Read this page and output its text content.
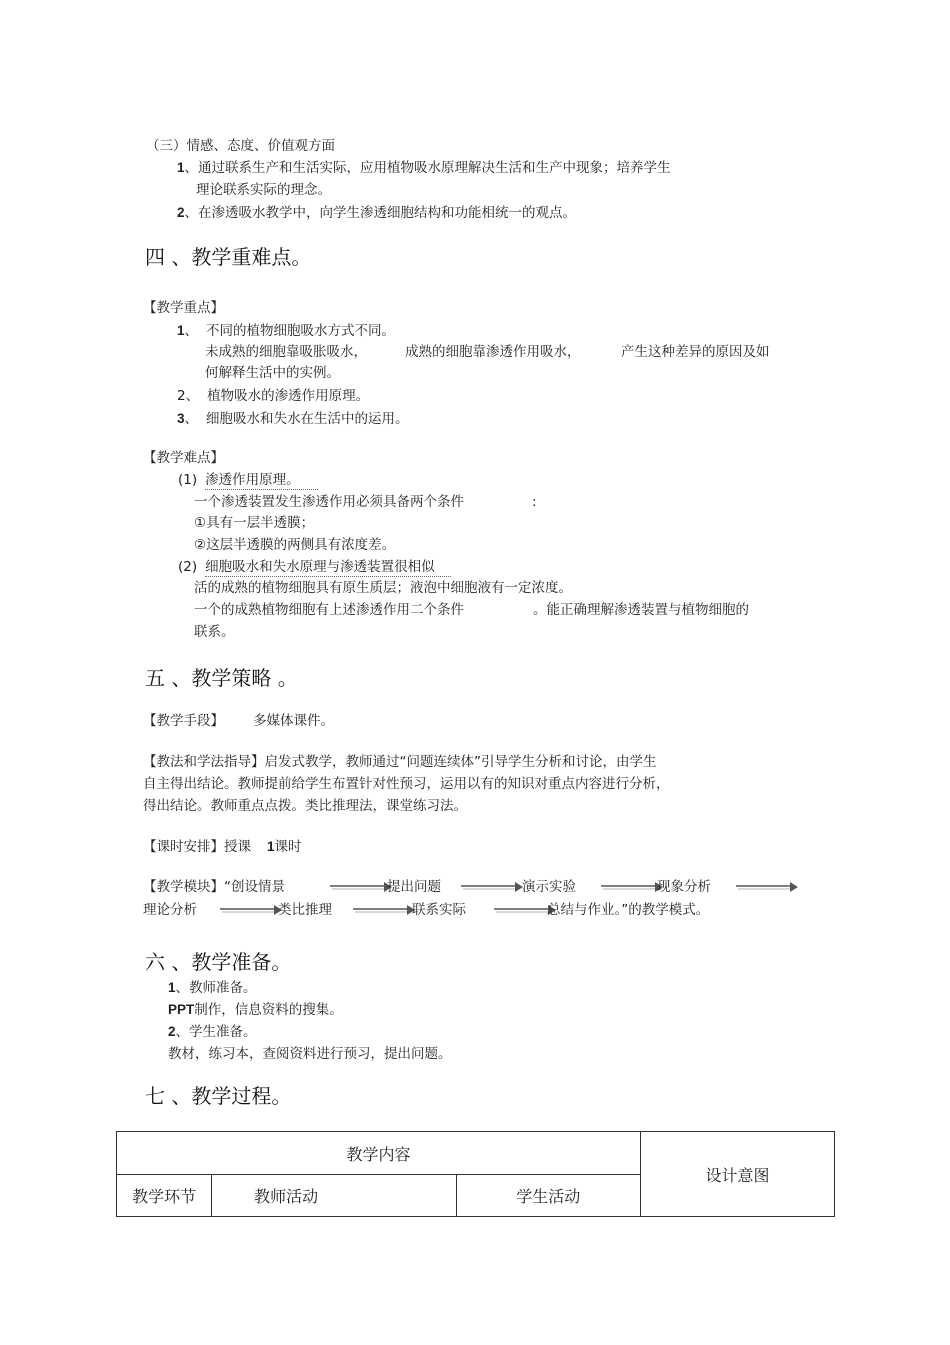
（三）情感、态度、价值观方面
1、通过联系生产和生活实际，应用植物吸水原理解决生活和生产中现象；培养学生
理论联系实际的理念。
2、在渗透吸水教学中，向学生渗透细胞结构和功能相统一的观点。
四 、教学重难点。
【教学重点】
1、 不同的植物细胞吸水方式不同。
未成熟的细胞靠吸胀吸水，	成熟的细胞靠渗透作用吸水，	产生这种差异的原因及如
何解释生活中的实例。
2、 植物吸水的渗透作用原理。
3、 细胞吸水和失水在生活中的运用。
【教学难点】
(1) 渗透作用原理。
一个渗透装置发生渗透作用必须具备两个条件	:
①具有一层半透膜；
②这层半透膜的两侧具有浓度差。
(2) 细胞吸水和失水原理与渗透装置很相似
活的成熟的植物细胞具有原生质层；液泡中细胞液有一定浓度。
一个的成熟植物细胞有上述渗透作用二个条件	。能正确理解渗透装置与植物细胞的
联系。
五 、教学策略 。
【教学手段】 多媒体课件。
【教法和学法指导】启发式教学，教师通过“问题连续体”引导学生分析和讨论，由学生
自主得出结论。教师提前给学生布置针对性预习，运用以有的知识对重点内容进行分析，
得出结论。教师重点点拨。类比推理法，课堂练习法。
【课时安排】授课 1课时
【教学模块】“创设情景	提出问题	演示实验	现象分析
理论分析	类比推理	联系实际	总结与作业。”的教学模式。
六 、教学准备。
1、教师准备。
PPT制作，信息资料的搜集。
2、学生准备。
教材，练习本，查阅资料进行预习，提出问题。
七 、教学过程。
教学内容			设计意图
教学环节	教师活动	学生活动	
